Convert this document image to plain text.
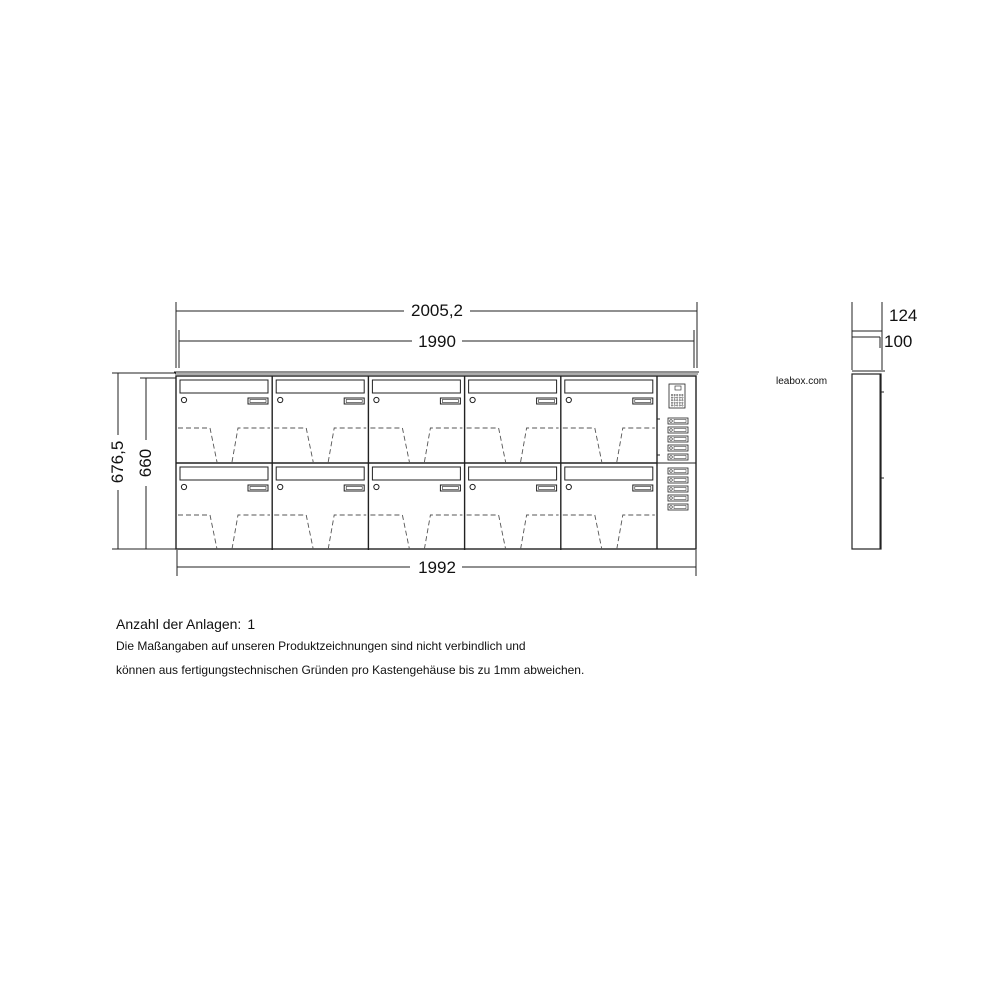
2005,2
1990
1992
676,5 660
124
100
leabox.com
Anzahl der Anlagen: 1
Die Maßangaben auf unseren Produktzeichnungen sind nicht verbindlich und
können aus fertigungstechnischen Gründen pro Kastengehäuse bis zu 1mm abweichen.
